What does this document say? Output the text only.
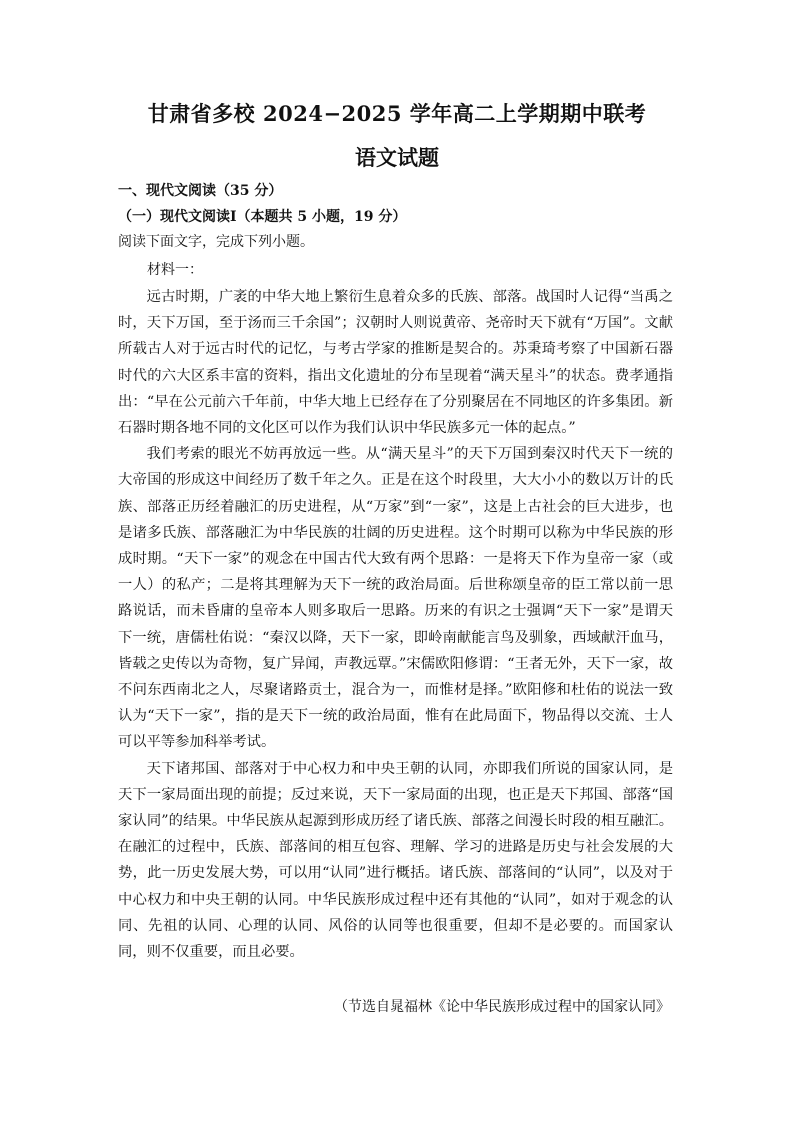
甘肃省多校 2024−2025 学年高二上学期期中联考
语文试题
一、现代文阅读（35 分）
（一）现代文阅读Ⅰ（本题共 5 小题，19 分）
阅读下面文字，完成下列小题。
材料一：

远古时期，广袤的中华大地上繁衍生息着众多的氏族、部落。战国时人记得“当禹之时，天下万国，至于汤而三千余国”；汉朝时人则说黄帝、尧帝时天下就有“万国”。文献所载古人对于远古时代的记忆，与考古学家的推断是契合的。苏秉琦考察了中国新石器时代的六大区系丰富的资料，指出文化遗址的分布呈现着“满天星斗”的状态。费孝通指出：“早在公元前六千年前，中华大地上已经存在了分别聚居在不同地区的许多集团。新石器时期各地不同的文化区可以作为我们认识中华民族多元一体的起点。”

我们考索的眼光不妨再放远一些。从“满天星斗”的天下万国到秦汉时代天下一统的大帝国的形成这中间经历了数千年之久。正是在这个时段里，大大小小的数以万计的氏族、部落正历经着融汇的历史进程，从“万家”到“一家”，这是上古社会的巨大进步，也是诸多氏族、部落融汇为中华民族的壮阔的历史进程。这个时期可以称为中华民族的形成时期。“天下一家”的观念在中国古代大致有两个思路：一是将天下作为皇帝一家（或一人）的私产；二是将其理解为天下一统的政治局面。后世称颂皇帝的臣工常以前一思路说话，而未昏庸的皇帝本人则多取后一思路。历来的有识之士强调“天下一家”是谓天下一统，唐儒杜佑说：“秦汉以降，天下一家，即岭南献能言鸟及驯象，西域献汗血马，皆载之史传以为奇物，复广异闻，声教远覃。”宋儒欧阳修谓：“王者无外，天下一家，故不问东西南北之人，尽聚诸路贡士，混合为一，而惟材是择。”欧阳修和杜佑的说法一致认为“天下一家”，指的是天下一统的政治局面，惟有在此局面下，物品得以交流、士人可以平等参加科举考试。

天下诸邦国、部落对于中心权力和中央王朝的认同，亦即我们所说的国家认同，是天下一家局面出现的前提；反过来说，天下一家局面的出现，也正是天下邦国、部落“国家认同”的结果。中华民族从起源到形成历经了诸氏族、部落之间漫长时段的相互融汇。在融汇的过程中，氏族、部落间的相互包容、理解、学习的进路是历史与社会发展的大势，此一历史发展大势，可以用“认同”进行概括。诸氏族、部落间的“认同”，以及对于中心权力和中央王朝的认同。中华民族形成过程中还有其他的“认同”，如对于观念的认同、先祖的认同、心理的认同、风俗的认同等也很重要，但却不是必要的。而国家认同，则不仅重要，而且必要。

（节选自晁福林《论中华民族形成过程中的国家认同》
